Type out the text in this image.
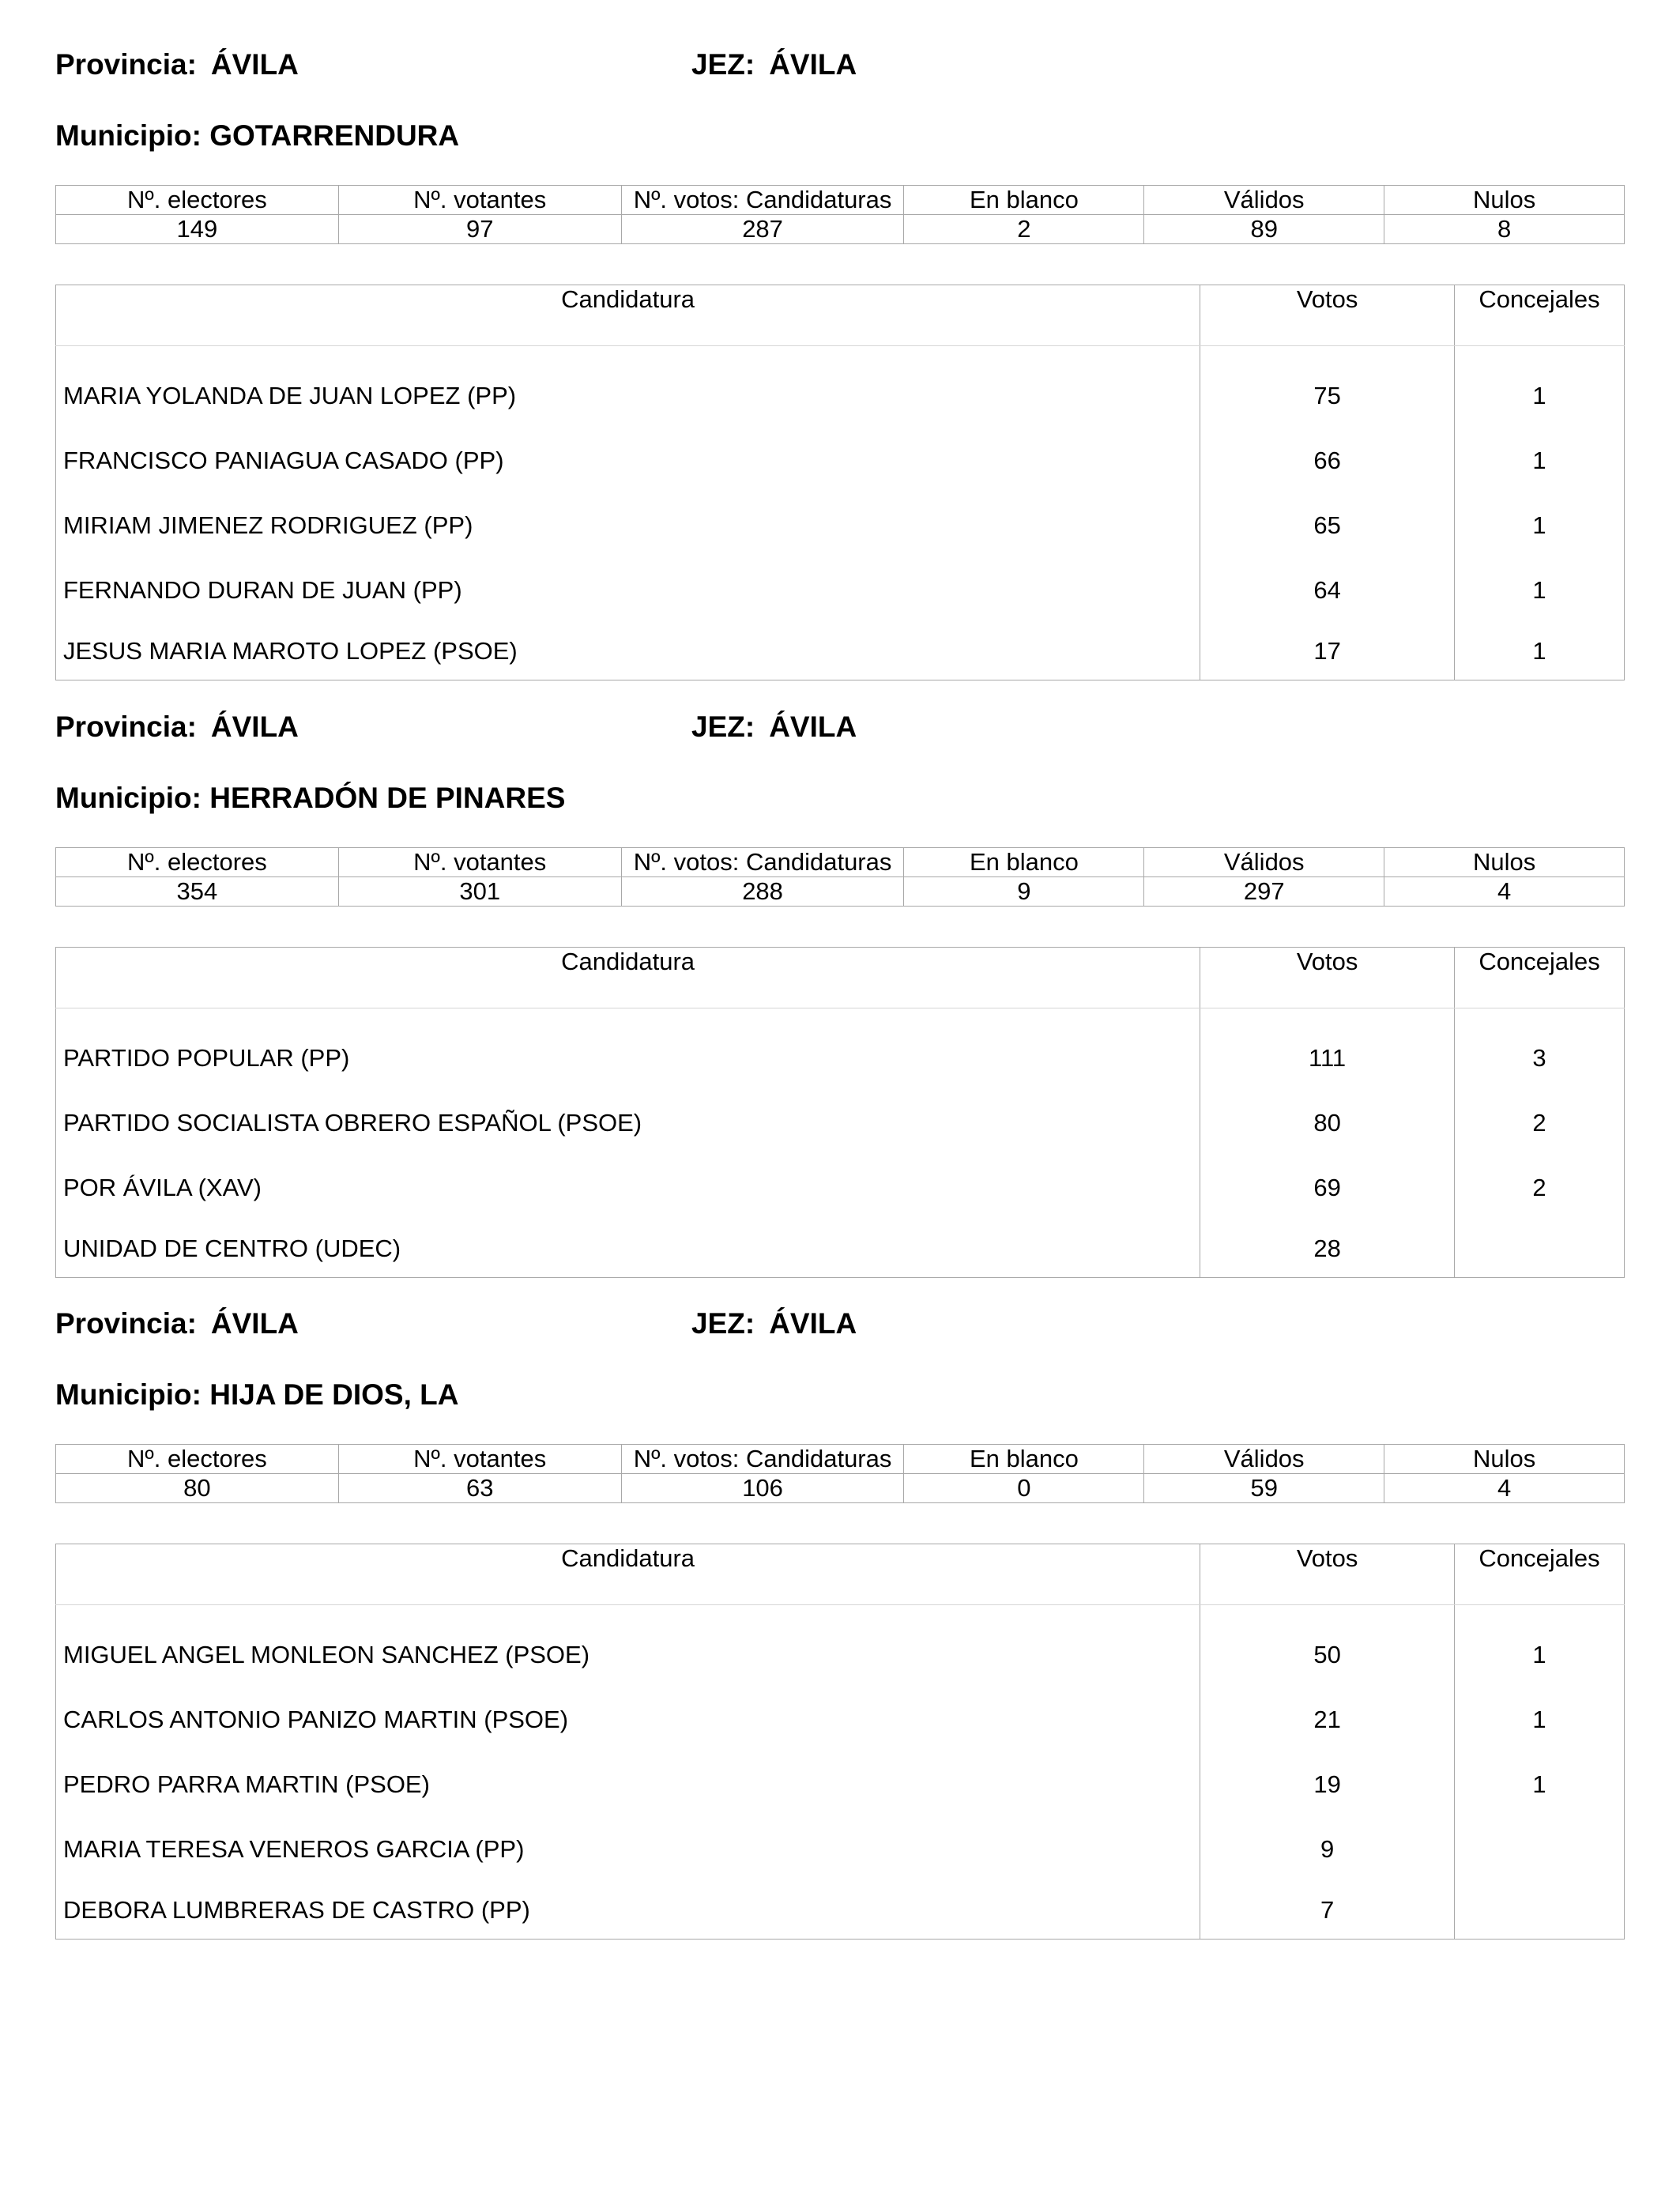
Provincia: ÁVILA	JEZ: ÁVILA
Municipio: GOTARRENDURA
Nº. electores	Nº. votantes	Nº. votos: Candidaturas	En blanco	Válidos	Nulos
149	97	287	2	89	8
Candidatura	Votos	Concejales

MARIA YOLANDA DE JUAN LOPEZ (PP)	75	1
FRANCISCO PANIAGUA CASADO (PP)	66	1
MIRIAM JIMENEZ RODRIGUEZ (PP)	65	1
FERNANDO DURAN DE JUAN (PP)	64	1
JESUS MARIA MAROTO LOPEZ (PSOE)	17	1
Provincia: ÁVILA	JEZ: ÁVILA
Municipio: HERRADÓN DE PINARES
Nº. electores	Nº. votantes	Nº. votos: Candidaturas	En blanco	Válidos	Nulos
354	301	288	9	297	4
Candidatura	Votos	Concejales

PARTIDO POPULAR (PP)	111	3
PARTIDO SOCIALISTA OBRERO ESPAÑOL (PSOE)	80	2
POR ÁVILA (XAV)	69	2
UNIDAD DE CENTRO (UDEC)	28	
Provincia: ÁVILA	JEZ: ÁVILA
Municipio: HIJA DE DIOS, LA
Nº. electores	Nº. votantes	Nº. votos: Candidaturas	En blanco	Válidos	Nulos
80	63	106	0	59	4
Candidatura	Votos	Concejales

MIGUEL ANGEL MONLEON SANCHEZ (PSOE)	50	1
CARLOS ANTONIO PANIZO MARTIN (PSOE)	21	1
PEDRO PARRA MARTIN (PSOE)	19	1
MARIA TERESA VENEROS GARCIA (PP)	9	
DEBORA LUMBRERAS DE CASTRO (PP)	7	
